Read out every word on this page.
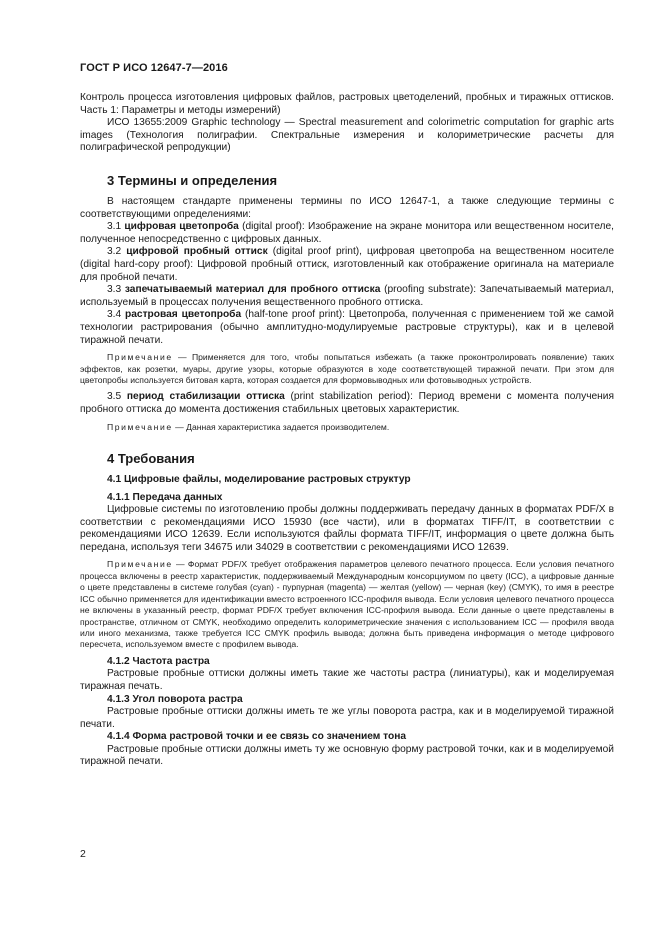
ГОСТ Р ИСО 12647-7—2016

Контроль процесса изготовления цифровых файлов, растровых цветоделений, пробных и тиражных оттисков. Часть 1: Параметры и методы измерений)

ИСО 13655:2009 Graphic technology — Spectral measurement and colorimetric computation for graphic arts images (Технология полиграфии. Спектральные измерения и колориметрические расчеты для полиграфической репродукции)

3 Термины и определения

В настоящем стандарте применены термины по ИСО 12647-1, а также следующие термины с соответствующими определениями:

3.1 цифровая цветопроба (digital proof): Изображение на экране монитора или вещественном носителе, полученное непосредственно с цифровых данных.

3.2 цифровой пробный оттиск (digital proof print), цифровая цветопроба на вещественном носителе (digital hard-copy proof): Цифровой пробный оттиск, изготовленный как отображение оригинала на материале для пробной печати.

3.3 запечатываемый материал для пробного оттиска (proofing substrate): Запечатываемый материал, используемый в процессах получения вещественного пробного оттиска.

3.4 растровая цветопроба (half-tone proof print): Цветопроба, полученная с применением той же самой технологии растрирования (обычно амплитудно-модулируемые растровые структуры), как и в целевой тиражной печати.

Примечание — Применяется для того, чтобы попытаться избежать (а также проконтролировать появление) таких эффектов, как розетки, муары, другие узоры, которые образуются в ходе соответствующей тиражной печати. При этом для цветопробы используется битовая карта, которая создается для формовыводных или фотовыводных устройств.

3.5 период стабилизации оттиска (print stabilization period): Период времени с момента получения пробного оттиска до момента достижения стабильных цветовых характеристик.

Примечание — Данная характеристика задается производителем.

4 Требования
4.1 Цифровые файлы, моделирование растровых структур
4.1.1 Передача данных

Цифровые системы по изготовлению пробы должны поддерживать передачу данных в форматах PDF/X в соответствии с рекомендациями ИСО 15930 (все части), или в форматах TIFF/IT, в соответствии с рекомендациями ИСО 12639. Если используются файлы формата TIFF/IT, информация о цвете должна быть передана, используя теги 34675 или 34029 в соответствии с рекомендациями ИСО 12639.

Примечание — Формат PDF/X требует отображения параметров целевого печатного процесса. Если условия печатного процесса включены в реестр характеристик, поддерживаемый Международным консорциумом по цвету (ICC), а цифровые данные о цвете представлены в системе голубая (cyan) - пурпурная (magenta) — желтая (yellow) — черная (key) (CMYK), то имя в реестре ICC обычно применяется для идентификации вместо встроенного ICC-профиля вывода. Если условия целевого печатного процесса не включены в указанный реестр, формат PDF/X требует включения ICC-профиля вывода. Если данные о цвете представлены в пространстве, отличном от CMYK, необходимо определить колориметрические значения с использованием ICC — профиля ввода или иного механизма, также требуется ICC CMYK профиль вывода; должна быть приведена информация о методе цифрового пересчета, используемом вместе с профилем вывода.

4.1.2 Частота растра

Растровые пробные оттиски должны иметь такие же частоты растра (линиатуры), как и моделируемая тиражная печать.

4.1.3 Угол поворота растра

Растровые пробные оттиски должны иметь те же углы поворота растра, как и в моделируемой тиражной печати.

4.1.4 Форма растровой точки и ее связь со значением тона

Растровые пробные оттиски должны иметь ту же основную форму растровой точки, как и в моделируемой тиражной печати.

2
